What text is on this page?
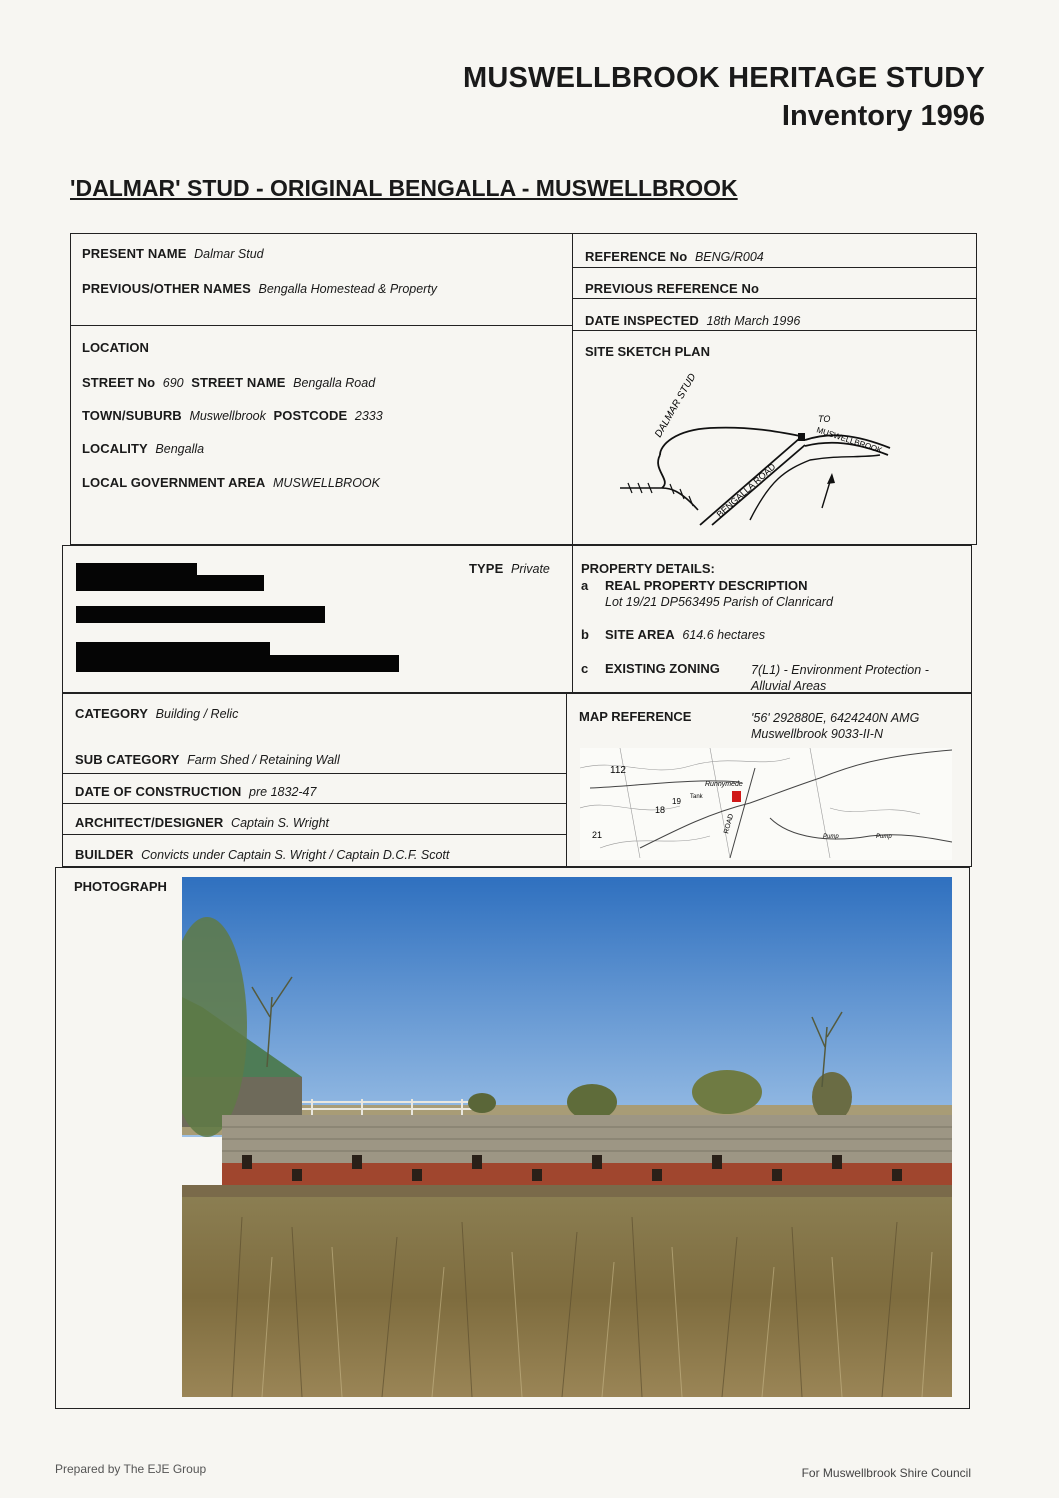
MUSWELLBROOK HERITAGE STUDY
Inventory 1996
'DALMAR' STUD - ORIGINAL BENGALLA - MUSWELLBROOK
PRESENT NAME Dalmar Stud
PREVIOUS/OTHER NAMES Bengalla Homestead & Property
REFERENCE No BENG/R004
PREVIOUS REFERENCE No
DATE INSPECTED 18th March 1996
LOCATION
STREET No 690 STREET NAME Bengalla Road
TOWN/SUBURB Muswellbrook POSTCODE 2333
LOCALITY Bengalla
LOCAL GOVERNMENT AREA MUSWELLBROOK
SITE SKETCH PLAN
DALMAR STUD
BENGALLA ROAD
TO
MUSWELLBROOK
TYPE Private PROPERTY DETAILS:
a REAL PROPERTY DESCRIPTION
Lot 19/21 DP563495 Parish of Clanricard
b SITE AREA 614.6 hectares
c EXISTING ZONING 7(L1) - Environment Protection -
Alluvial Areas
CATEGORY Building / Relic
SUB CATEGORY Farm Shed / Retaining Wall
DATE OF CONSTRUCTION pre 1832-47
ARCHITECT/DESIGNER Captain S. Wright
BUILDER Convicts under Captain S. Wright / Captain D.C.F. Scott
MAP REFERENCE	'56' 292880E, 6424240N AMG
Muswellbrook 9033-II-N
112
Runnymede
Tank
18
19
21
ROAD
Pump	Pump
PHOTOGRAPH
Prepared by The EJE Group	For Muswellbrook Shire Council
